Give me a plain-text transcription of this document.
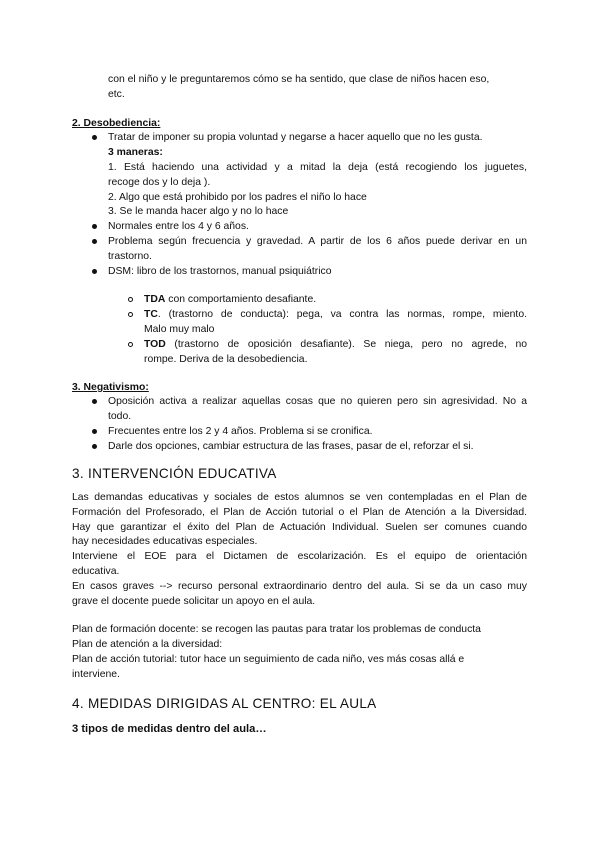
con el niño y le preguntaremos cómo se ha sentido, que clase de niños hacen eso,
etc.
2. Desobediencia:
Tratar de imponer su propia voluntad y negarse a hacer aquello que no les gusta.
3 maneras:
1. Está haciendo una actividad y a mitad la deja (está recogiendo los juguetes,
recoge dos y lo deja ).
2. Algo que está prohibido por los padres el niño lo hace
3. Se le manda hacer algo y no lo hace
Normales entre los 4 y 6 años.
Problema según frecuencia y gravedad. A partir de los 6 años puede derivar en un
trastorno.
DSM: libro de los trastornos, manual psiquiátrico
TDA con comportamiento desafiante.
TC. (trastorno de conducta): pega, va contra las normas, rompe, miento.
Malo muy malo
TOD (trastorno de oposición desafiante). Se niega, pero no agrede, no
rompe. Deriva de la desobediencia.
3. Negativismo:
Oposición activa a realizar aquellas cosas que no quieren pero sin agresividad. No a
todo.
Frecuentes entre los 2 y 4 años. Problema si se cronifica.
Darle dos opciones, cambiar estructura de las frases, pasar de el, reforzar el si.
3. INTERVENCIÓN EDUCATIVA
Las demandas educativas y sociales de estos alumnos se ven contempladas en el Plan de
Formación del Profesorado, el Plan de Acción tutorial o el Plan de Atención a la Diversidad.
Hay que garantizar el éxito del Plan de Actuación Individual. Suelen ser comunes cuando
hay necesidades educativas especiales.
Interviene el EOE para el Dictamen de escolarización. Es el equipo de orientación
educativa.
En casos graves --> recurso personal extraordinario dentro del aula. Si se da un caso muy
grave el docente puede solicitar un apoyo en el aula.
Plan de formación docente: se recogen las pautas para tratar los problemas de conducta
Plan de atención a la diversidad:
Plan de acción tutorial: tutor hace un seguimiento de cada niño, ves más cosas allá e
interviene.
4. MEDIDAS DIRIGIDAS AL CENTRO: EL AULA
3 tipos de medidas dentro del aula…
